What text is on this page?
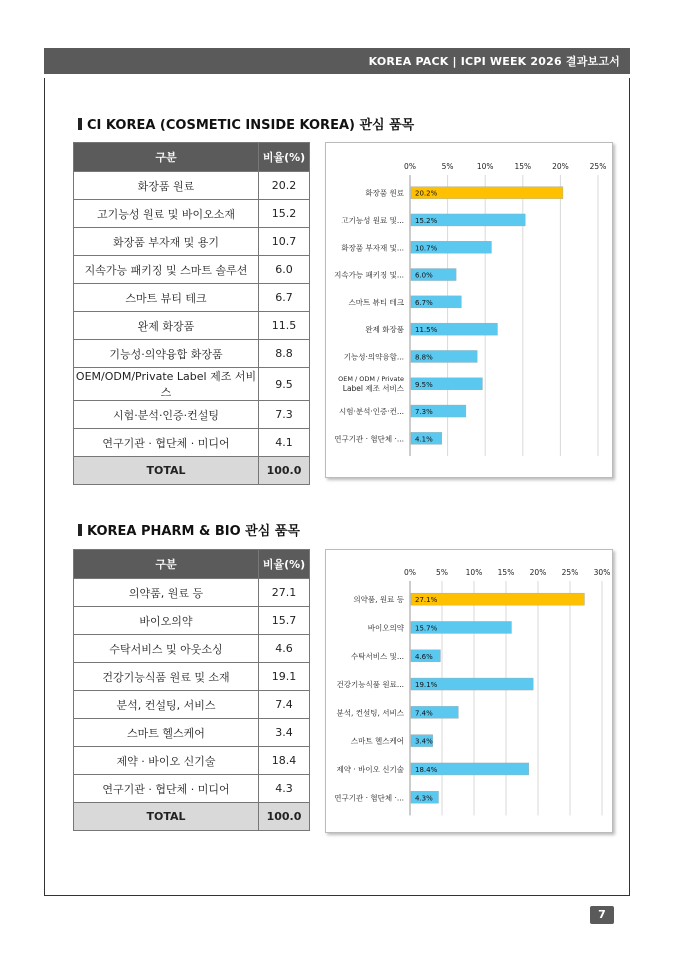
KOREA PACK | ICPI WEEK 2026 결과보고서
CI KOREA (COSMETIC INSIDE KOREA) 관심 품목
구분	비율(%)
화장품 원료	20.2
고기능성 원료 및 바이오소재	15.2
화장품 부자재 및 용기	10.7
지속가능 패키징 및 스마트 솔루션	6.0
스마트 뷰티 테크	6.7
완제 화장품	11.5
기능성·의약융합 화장품	8.8
OEM/ODM/Private Label 제조 서비스	9.5
시험·분석·인증·컨설팅	7.3
연구기관 · 협단체 · 미디어	4.1
TOTAL	100.0
0%	5%	10%	15%	20%	25%
20.2%
화장품 원료
15.2%
고기능성 원료 및...
10.7%
화장품 부자재 및...
6.0%
지속가능 패키징 및...
6.7%
스마트 뷰티 테크
11.5%
완제 화장품
8.8%
기능성·의약융합...
9.5%
OEM / ODM / Private Label 제조 서비스
7.3%
시험·분석·인증·컨...
4.1%
연구기관 · 협단체 ·...
KOREA PHARM & BIO 관심 품목
구분	비율(%)
의약품, 원료 등	27.1
바이오의약	15.7
수탁서비스 및 아웃소싱	4.6
건강기능식품 원료 및 소재	19.1
분석, 컨설팅, 서비스	7.4
스마트 헬스케어	3.4
제약 · 바이오 신기술	18.4
연구기관 · 협단체 · 미디어	4.3
TOTAL	100.0
0%	5% 10% 15% 20% 25% 30%
27.1%
의약품, 원료 등
15.7%
바이오의약
4.6%
수탁서비스 및...
19.1%
건강기능식품 원료...
7.4%
분석, 컨설팅, 서비스
3.4%
스마트 헬스케어
18.4%
제약 · 바이오 신기술
4.3%
연구기관 · 협단체 ·...
7
